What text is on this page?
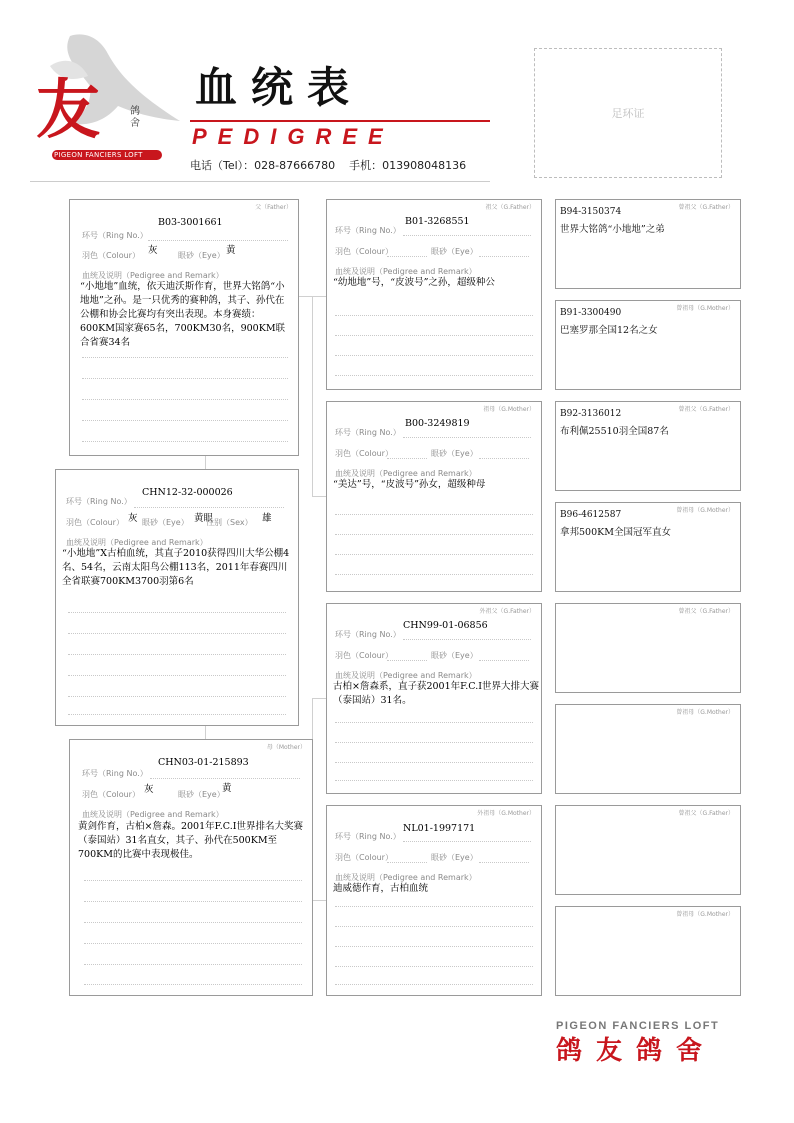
友	鸽舍
PIGEON FANCIERS LOFT
血统表
PEDIGREE
电话（Tel）：028-87666780    手机：013908048136
足环证
父（Father）
环号（Ring No.）
B03-3001661
羽色（Colour） 灰	眼砂（Eye） 黄
血统及说明（Pedigree and Remark）
“小地地”血统，依天迪沃斯作育，世界大铭鸽“小地地”之孙。是一只优秀的赛种鸽，其子、孙代在公棚和协会比赛均有突出表现。本身赛绩：600KM国家赛65名，700KM30名，900KM联合省赛34名
环号（Ring No.）
CHN12-32-000026
羽色（Colour） 灰 眼砂（Eye） 黄眼
性别（Sex） 雄
血统及说明（Pedigree and Remark）
“小地地”X古柏血统，其直子2010获得四川大华公棚4名、54名，云南太阳鸟公棚113名，2011年春赛四川全省联赛700KM3700羽第6名
母（Mother）
环号（Ring No.）
CHN03-01-215893
羽色（Colour） 灰	眼砂（Eye）
黄
血统及说明（Pedigree and Remark）
黄剑作育，古柏×詹森。2001年F.C.I世界排名大奖赛（泰国站）31名直女，其子、孙代在500KM至700KM的比赛中表现极佳。
祖父（G.Father）
环号（Ring No.）
B01-3268551
羽色（Colour）	眼砂（Eye）
血统及说明（Pedigree and Remark）
“幼地地”号，“皮波号”之孙，超级种公
祖母（G.Mother）
环号（Ring No.）
B00-3249819
羽色（Colour）	眼砂（Eye）
血统及说明（Pedigree and Remark）
“美达”号，“皮波号”孙女，超级种母
外祖父（G.Father）
环号（Ring No.）
CHN99-01-06856
羽色（Colour）	眼砂（Eye）
血统及说明（Pedigree and Remark）
古柏×詹森系，直子获2001年F.C.I世界大排大赛（泰国站）31名。
外祖母（G.Mother）
环号（Ring No.）
NL01-1997171
羽色（Colour）	眼砂（Eye）
血统及说明（Pedigree and Remark）
迪威德作育，古柏血统
曾祖父（G.Father）
B94-3150374
世界大铭鸽“小地地”之弟
曾祖母（G.Mother）
B91-3300490
巴塞罗那全国12名之女
曾祖父（G.Father）
B92-3136012
布利佩25510羽全国87名
曾祖母（G.Mother）
B96-4612587
拿邦500KM全国冠军直女
曾祖父（G.Father）
曾祖母（G.Mother）
曾祖父（G.Father）
曾祖母（G.Mother）
PIGEON FANCIERS LOFT
鸽友鸽舍
